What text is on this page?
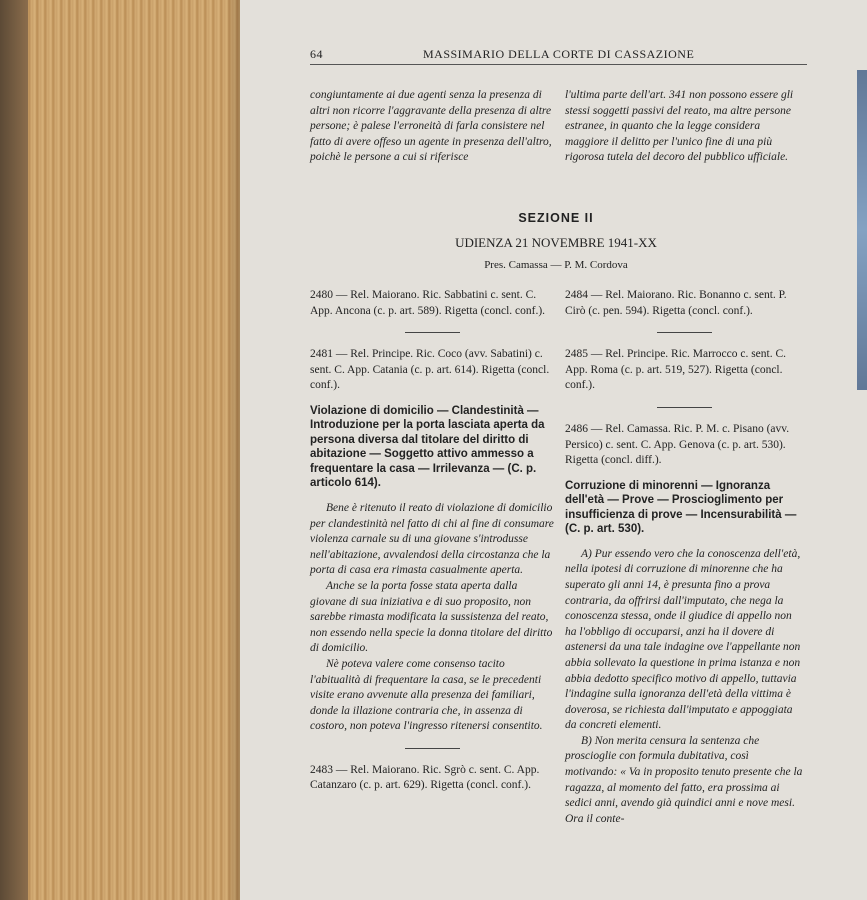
64	MASSIMARIO DELLA CORTE DI CASSAZIONE

congiuntamente ai due agenti senza la presenza di altri non ricorre l'aggravante della presenza di altre persone; è palese l'erroneità di farla consistere nel fatto di avere offeso un agente in presenza dell'altro, poichè le persone a cui si riferisce

l'ultima parte dell'art. 341 non possono essere gli stessi soggetti passivi del reato, ma altre persone estranee, in quanto che la legge considera maggiore il delitto per l'unico fine di una più rigorosa tutela del decoro del pubblico ufficiale.

SEZIONE II
UDIENZA 21 NOVEMBRE 1941-XX
Pres. Camassa — P. M. Cordova

2480 — Rel. Maiorano. Ric. Sabbatini c. sent. C. App. Ancona (c. p. art. 589). Rigetta (concl. conf.).

2481 — Rel. Principe. Ric. Coco (avv. Sabatini) c. sent. C. App. Catania (c. p. art. 614). Rigetta (concl. conf.).

Violazione di domicilio — Clandestinità — Introduzione per la porta lasciata aperta da persona diversa dal titolare del diritto di abitazione — Soggetto attivo ammesso a frequentare la casa — Irrilevanza — (C. p. articolo 614).

Bene è ritenuto il reato di violazione di domicilio per clandestinità nel fatto di chi al fine di consumare violenza carnale su di una giovane s'introdusse nell'abitazione, avvalendosi della circostanza che la porta di casa era rimasta casualmente aperta.

Anche se la porta fosse stata aperta dalla giovane di sua iniziativa e di suo proposito, non sarebbe rimasta modificata la sussistenza del reato, non essendo nella specie la donna titolare del diritto di domicilio.

Nè poteva valere come consenso tacito l'abitualità di frequentare la casa, se le precedenti visite erano avvenute alla presenza dei familiari, donde la illazione contraria che, in assenza di costoro, non poteva l'ingresso ritenersi consentito.

2483 — Rel. Maiorano. Ric. Sgrò c. sent. C. App. Catanzaro (c. p. art. 629). Rigetta (concl. conf.).

2484 — Rel. Maiorano. Ric. Bonanno c. sent. P. Cirò (c. pen. 594). Rigetta (concl. conf.).

2485 — Rel. Principe. Ric. Marrocco c. sent. C. App. Roma (c. p. art. 519, 527). Rigetta (concl. conf.).

2486 — Rel. Camassa. Ric. P. M. c. Pisano (avv. Persico) c. sent. C. App. Genova (c. p. art. 530). Rigetta (concl. diff.).

Corruzione di minorenni — Ignoranza dell'età — Prove — Proscioglimento per insufficienza di prove — Incensurabilità — (C. p. art. 530).

A) Pur essendo vero che la conoscenza dell'età, nella ipotesi di corruzione di minorenne che ha superato gli anni 14, è presunta fino a prova contraria, da offrirsi dall'imputato, che nega la conoscenza stessa, onde il giudice di appello non ha l'obbligo di occuparsi, anzi ha il dovere di astenersi da una tale indagine ove l'appellante non abbia sollevato la questione in prima istanza e non abbia dedotto specifico motivo di appello, tuttavia l'indagine sulla ignoranza dell'età della vittima è doverosa, se richiesta dall'imputato e appoggiata da concreti elementi.

B) Non merita censura la sentenza che proscioglie con formula dubitativa, così motivando: « Va in proposito tenuto presente che la ragazza, al momento del fatto, era prossima ai sedici anni, avendo già quindici anni e nove mesi. Ora il conte-
